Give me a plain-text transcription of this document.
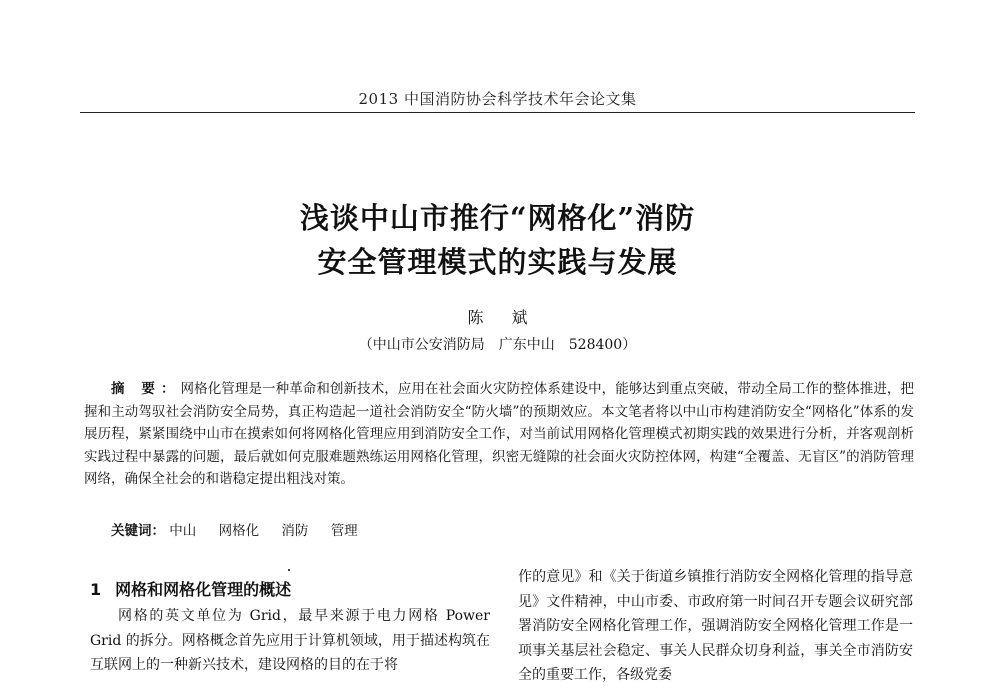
2013 中国消防协会科学技术年会论文集
浅谈中山市推行“网格化”消防
安全管理模式的实践与发展
陈斌
（中山市公安消防局　广东中山　528400）

摘 要：网格化管理是一种革命和创新技术，应用在社会面火灾防控体系建设中，能够达到重点突破，带动全局工作的整体推进，把握和主动驾驭社会消防安全局势，真正构造起一道社会消防安全“防火墙”的预期效应。本文笔者将以中山市构建消防安全“网格化”体系的发展历程，紧紧围绕中山市在摸索如何将网格化管理应用到消防安全工作，对当前试用网格化管理模式初期实践的效果进行分析，并客观剖析实践过程中暴露的问题，最后就如何克服难题熟练运用网格化管理，织密无缝隙的社会面火灾防控体网，构建“全覆盖、无盲区”的消防管理网络，确保全社会的和谐稳定提出粗浅对策。

关键词： 中山 网格化 消防 管理
1 网格和网格化管理的概述

网格的英文单位为 Grid，最早来源于电力网格 Power Grid 的拆分。网格概念首先应用于计算机领域，用于描述构筑在互联网上的一种新兴技术，建设网格的目的在于将

作的意见》和《关于街道乡镇推行消防安全网格化管理的指导意见》文件精神，中山市委、市政府第一时间召开专题会议研究部署消防安全网格化管理工作，强调消防安全网格化管理工作是一项事关基层社会稳定、事关人民群众切身利益，事关全市消防安全的重要工作，各级党委
